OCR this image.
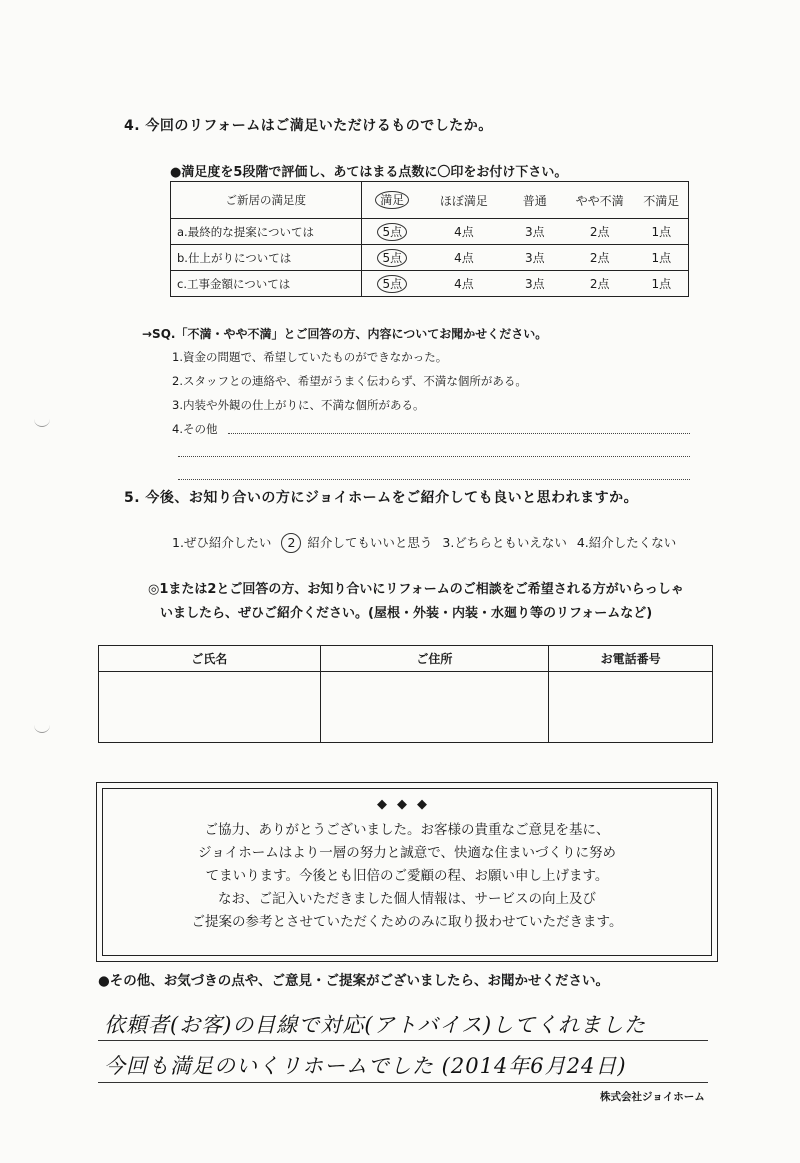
4. 今回のリフォームはご満足いただけるものでしたか。
●満足度を5段階で評価し、あてはまる点数に〇印をお付け下さい。
ご新居の満足度	満足	ほぼ満足	普通	やや不満	不満足
a.最終的な提案については	5点	4点	3点	2点	1点
b.仕上がりについては	5点	4点	3点	2点	1点
c.工事金額については	5点	4点	3点	2点	1点
→SQ.「不満・やや不満」とご回答の方、内容についてお聞かせください。
1.資金の問題で、希望していたものができなかった。
2.スタッフとの連絡や、希望がうまく伝わらず、不満な個所がある。
3.内装や外観の仕上がりに、不満な個所がある。
4.その他
5. 今後、お知り合いの方にジョイホームをご紹介しても良いと思われますか。
1.ぜひ紹介したい 2 紹介してもいいと思う 3.どちらともいえない 4.紹介したくない
◎1または2とご回答の方、お知り合いにリフォームのご相談をご希望される方がいらっしゃ
いましたら、ぜひご紹介ください。(屋根・外装・内装・水廻り等のリフォームなど)
ご氏名	ご住所	お電話番号

◆◆◆
ご協力、ありがとうございました。お客様の貴重なご意見を基に、
ジョイホームはより一層の努力と誠意で、快適な住まいづくりに努め
てまいります。今後とも旧倍のご愛顧の程、お願い申し上げます。
なお、ご記入いただきました個人情報は、サービスの向上及び
ご提案の参考とさせていただくためのみに取り扱わせていただきます。
●その他、お気づきの点や、ご意見・ご提案がございましたら、お聞かせください。
依頼者(お客)の目線で対応(アトバイス)してくれました
今回も満足のいくリホームでした (2014年6月24日)
株式会社ジョイホーム
